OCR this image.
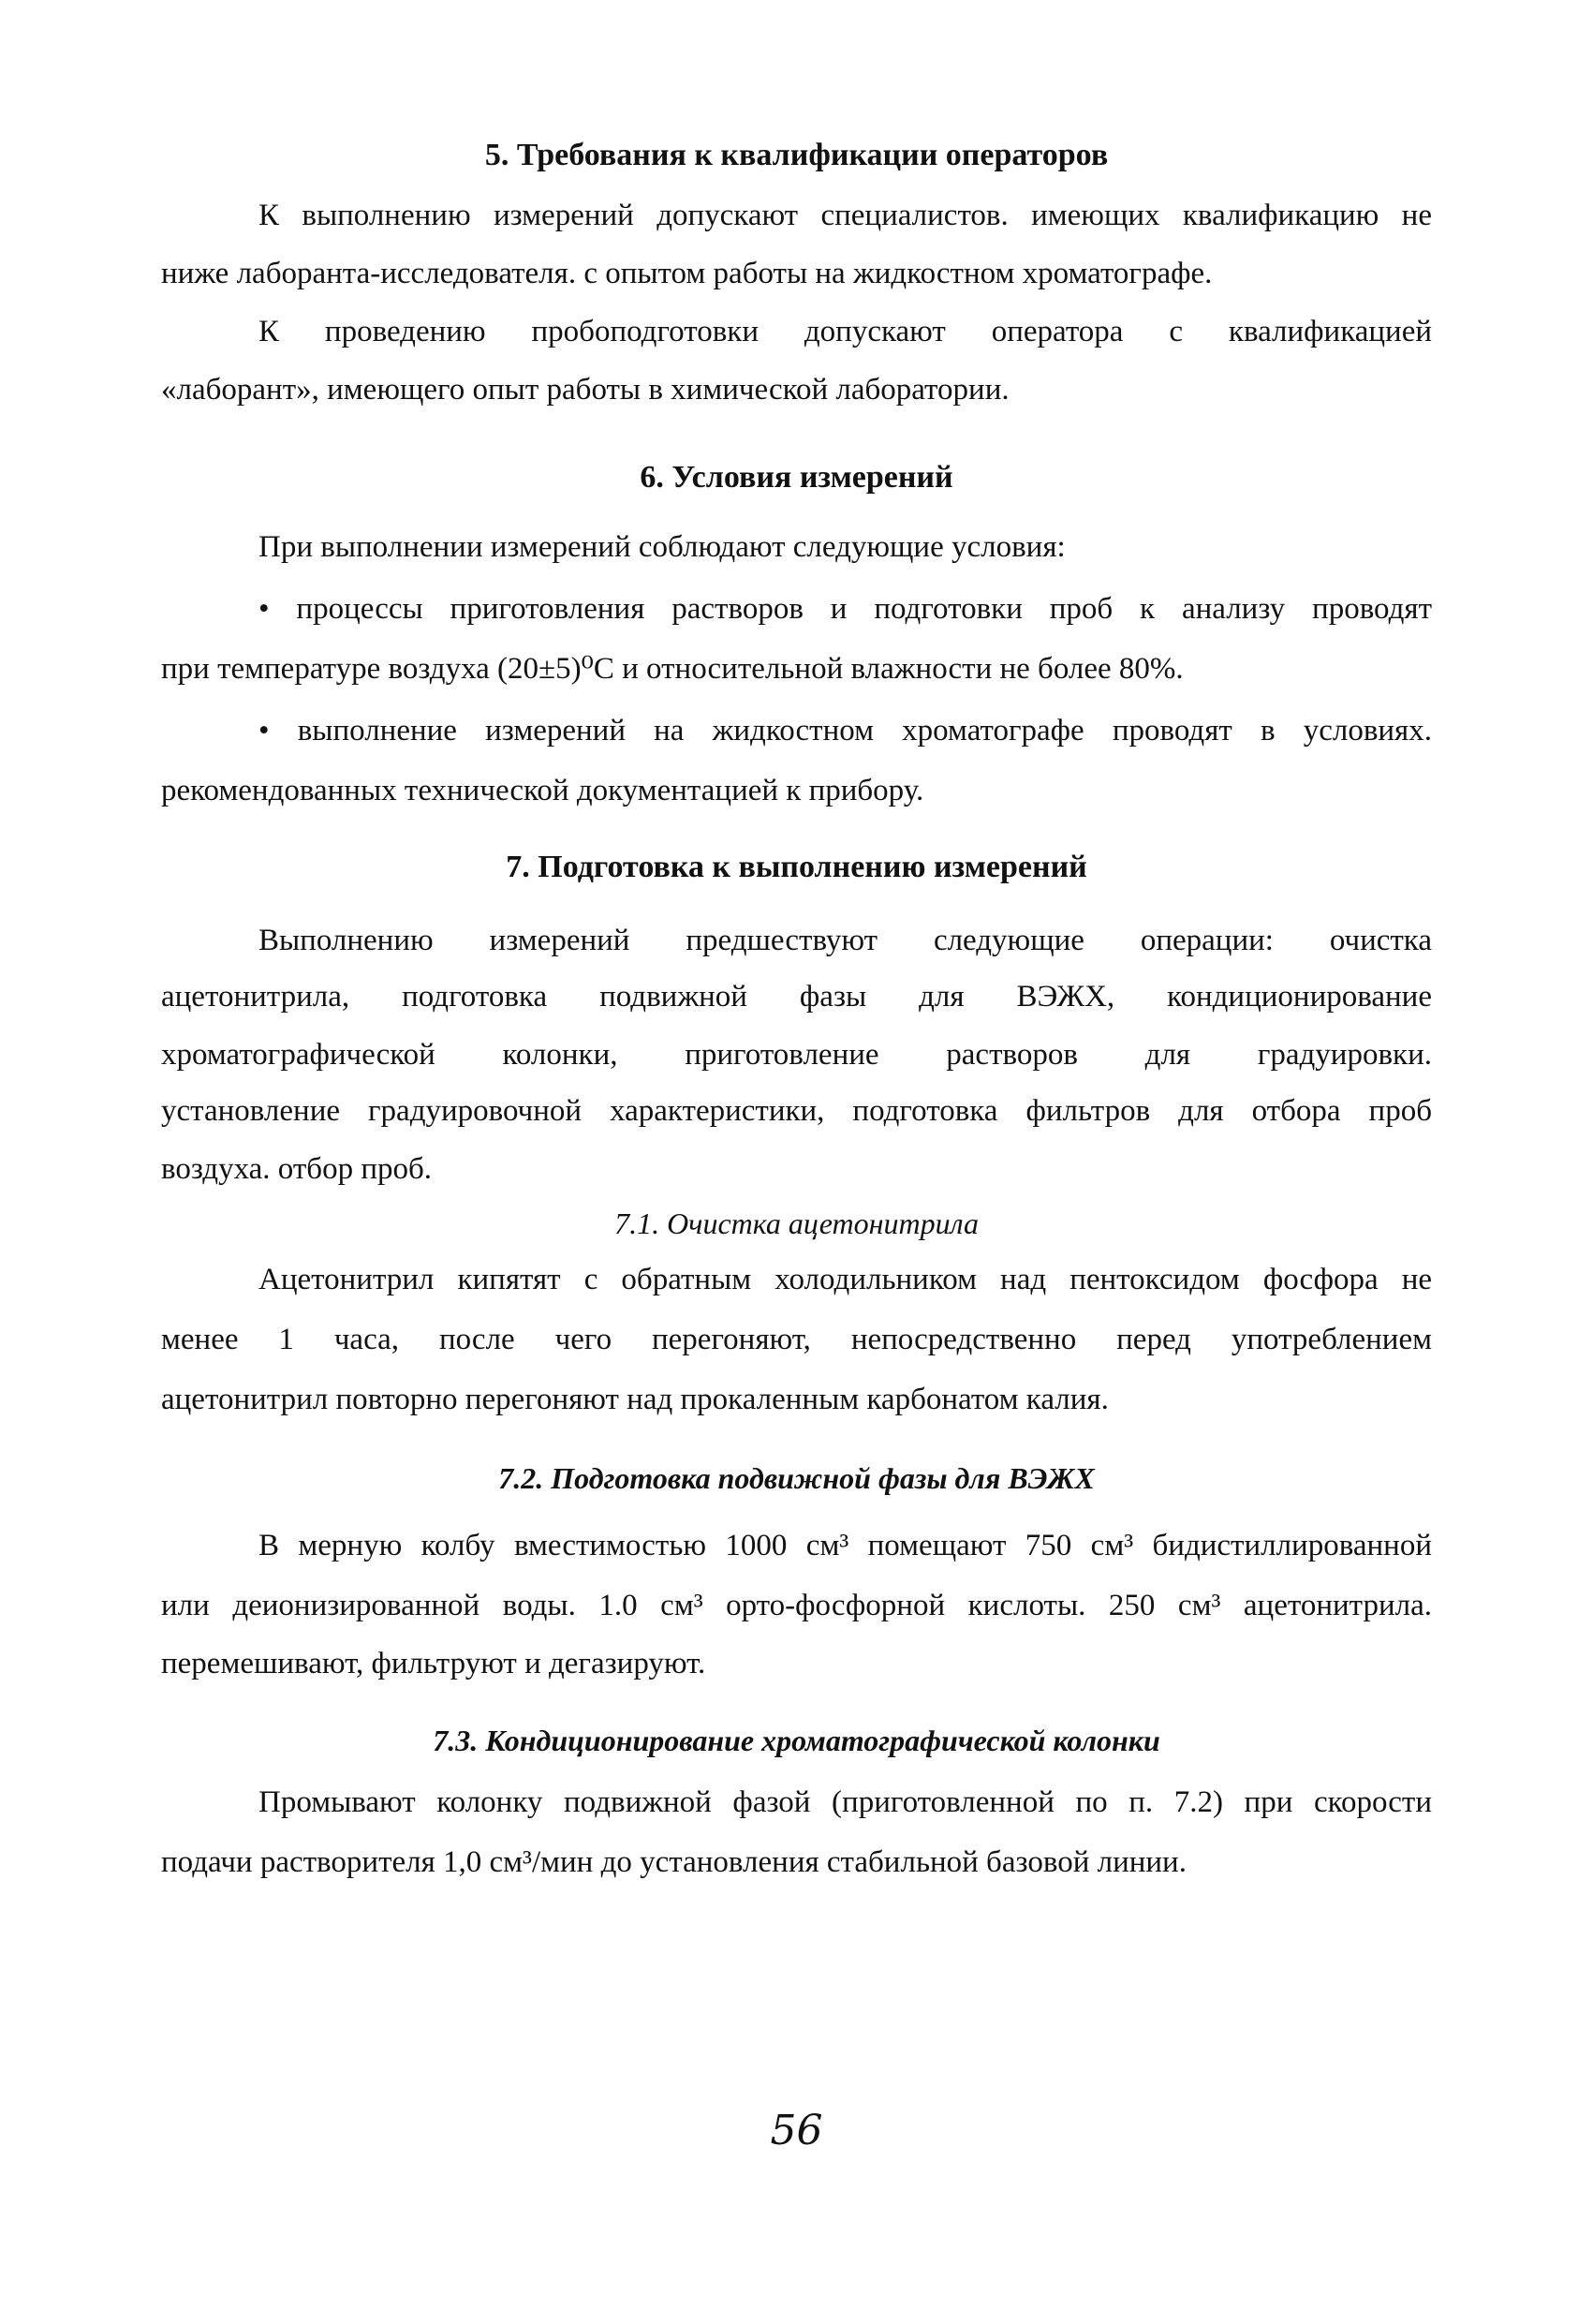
5. Требования к квалификации операторов
К выполнению измерений допускают специалистов. имеющих квалификацию не
ниже лаборанта-исследователя. с опытом работы на жидкостном хроматографе.
К проведению пробоподготовки допускают оператора с квалификацией
«лаборант», имеющего опыт работы в химической лаборатории.
6. Условия измерений
При выполнении измерений соблюдают следующие условия:
• процессы приготовления растворов и подготовки проб к анализу проводят
при температуре воздуха (20±5)⁰С и относительной влажности не более 80%.
• выполнение измерений на жидкостном хроматографе проводят в условиях.
рекомендованных технической документацией к прибору.
7. Подготовка к выполнению измерений
Выполнению измерений предшествуют следующие операции: очистка
ацетонитрила, подготовка подвижной фазы для ВЭЖХ, кондиционирование
хроматографической колонки, приготовление растворов для градуировки.
установление градуировочной характеристики, подготовка фильтров для отбора проб
воздуха. отбор проб.
7.1. Очистка ацетонитрила
Ацетонитрил кипятят с обратным холодильником над пентоксидом фосфора не
менее 1 часа, после чего перегоняют, непосредственно перед употреблением
ацетонитрил повторно перегоняют над прокаленным карбонатом калия.
7.2. Подготовка подвижной фазы для ВЭЖХ
В мерную колбу вместимостью 1000 см³ помещают 750 см³ бидистиллированной
или деионизированной воды. 1.0 см³ орто-фосфорной кислоты. 250 см³ ацетонитрила.
перемешивают, фильтруют и дегазируют.
7.3. Кондиционирование хроматографической колонки
Промывают колонку подвижной фазой (приготовленной по п. 7.2) при скорости
подачи растворителя 1,0 см³/мин до установления стабильной базовой линии.
56
